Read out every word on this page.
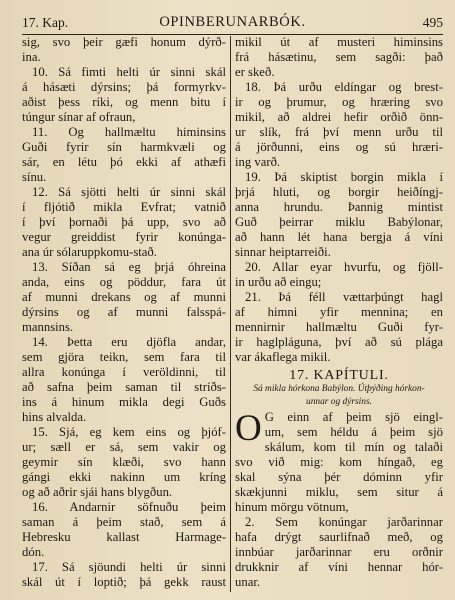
17. Kap.	OPINBERUNARBÓK.	495
sig, svo þeir gæfi honum dýrð-
ina.
10. Sá fimti helti úr sinni skál
á hásæti dýrsins; þá formyrkv-
aðist þess ríki, og menn bitu í
túngur sínar af ofraun,
11. Og hallmæltu himinsins
Guði fyrir sín harmkvæli og
sár, en létu þó ekki af athæfi
sínu.
12. Sá sjötti helti úr sinni skál
í fljótið mikla Evfrat; vatnið
í því þornaði þá upp, svo að
vegur greiddist fyrir konúnga-
ana úr sólaruppkomu-stað.
13. Síðan sá eg þrjá óhreina
anda, eins og pöddur, fara út
af munni drekans og af munni
dýrsins og af munni falsspá-
mannsins.
14. Þetta eru djöfla andar,
sem gjöra teikn, sem fara til
allra konúnga í veröldinni, til
að safna þeim saman til stríðs-
ins á hinum mikla degi Guðs
hins alvalda.
15. Sjá, eg kem eins og þjóf-
ur; sæll er sá, sem vakir og
geymir sín klæði, svo hann
gángi ekki nakinn um kríng
og að aðrir sjái hans blygðun.
16. Andarnir söfnuðu þeim
saman á þeim stað, sem á
Hebresku kallast Harmage-
dón.
17. Sá sjöundi helti úr sinni
skál út í loptið; þá gekk raust
mikil út af musteri himinsins
frá hásætinu, sem sagði: það
er skeð.
18. Þá urðu eldíngar og brest-
ir og þrumur, og hræring svo
mikil, að aldrei hefir orðið önn-
ur slík, frá því menn urðu til
á jörðunni, eins og sú hræri-
ing varð.
19. Þá skiptist borgin mikla í
þrjá hluti, og borgir heiðíngj-
anna hrundu. Þannig mintist
Guð þeirrar miklu Babýlonar,
að hann lét hana bergja á víni
sinnar heiptarreiði.
20. Allar eyar hvurfu, og fjöll-
in urðu að eingu;
21. Þá féll vættarþúngt hagl
af himni yfir mennina; en
mennirnir hallmæltu Guði fyr-
ir haglpláguna, því að sú plága
var ákaflega mikil.
17. KAPÍTULI.
Sá mikla hórkona Babýlon. Útþýðing hórkon-
unnar og dýrsins.
O G einn af þeim sjö eingl-
um, sem héldu á þeim sjö
skálum, kom til mín og talaði
svo við mig: kom híngað, eg
skal sýna þér dóminn yfir
skækjunni miklu, sem situr á
hinum mörgu vötnum,
2. Sem konúngar jarðarinnar
hafa drýgt saurlifnað með, og
innbúar jarðarinnar eru orðnir
drukknir af víni hennar hór-
unar.
